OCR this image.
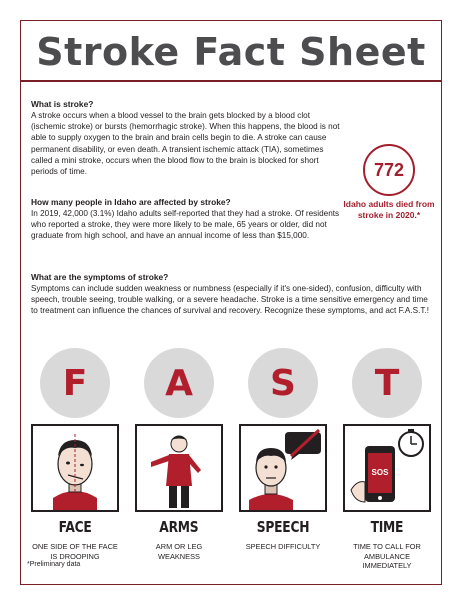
Stroke Fact Sheet
What is stroke?
A stroke occurs when a blood vessel to the brain gets blocked by a blood clot (ischemic stroke) or bursts (hemorrhagic stroke). When this happens, the blood is not able to supply oxygen to the brain and brain cells begin to die. A stroke can cause permanent disability, or even death. A transient ischemic attack (TIA), sometimes called a mini stroke, occurs when the blood flow to the brain is blocked for short periods of time.	772
Idaho adults died from stroke in 2020.*
How many people in Idaho are affected by stroke?
In 2019, 42,000 (3.1%) Idaho adults self-reported that they had a stroke. Of residents who reported a stroke, they were more likely to be male, 65 years or older, did not graduate from high school, and have an annual income of less than $15,000.
What are the symptoms of stroke?
Symptoms can include sudden weakness or numbness (especially if it's one-sided), confusion, difficulty with speech, trouble seeing, trouble walking, or a severe headache. Stroke is a time sensitive emergency and time to treatment can influence the chances of survival and recovery. Recognize these symptoms, and act F.A.S.T.!
F
FACE
ONE SIDE OF THE FACE IS DROOPING
A
ARMS
ARM OR LEG WEAKNESS
S
SPEECH
SPEECH DIFFICULTY
T
SOS
TIME
TIME TO CALL FOR AMBULANCE IMMEDIATELY
*Preliminary data
